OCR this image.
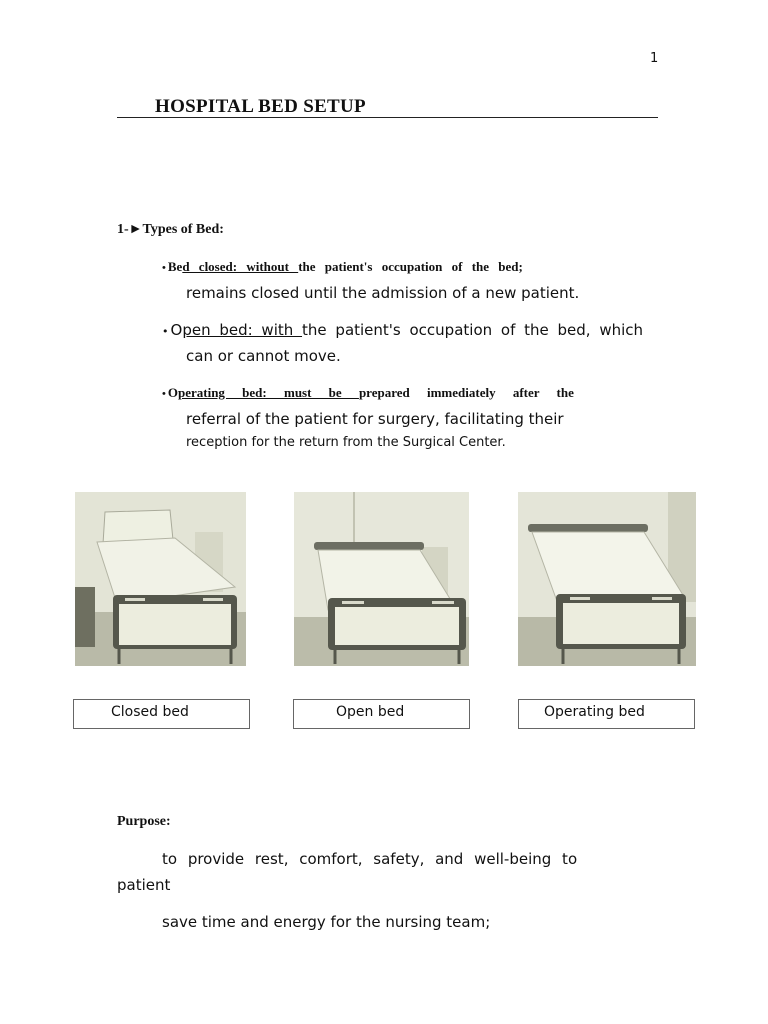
1
HOSPITAL BED SETUP
1-►Types of Bed:
• Bed closed: without the patient's occupation of the bed;
remains closed until the admission of a new patient.
• Open bed: with the patient's occupation of the bed, which
can or cannot move.
• Operating bed: must be prepared immediately after the
referral of the patient for surgery, facilitating their
reception for the return from the Surgical Center.
Closed bed	Open bed	Operating bed
Purpose:
to provide rest, comfort, safety, and well-being to
patient
save time and energy for the nursing team;
